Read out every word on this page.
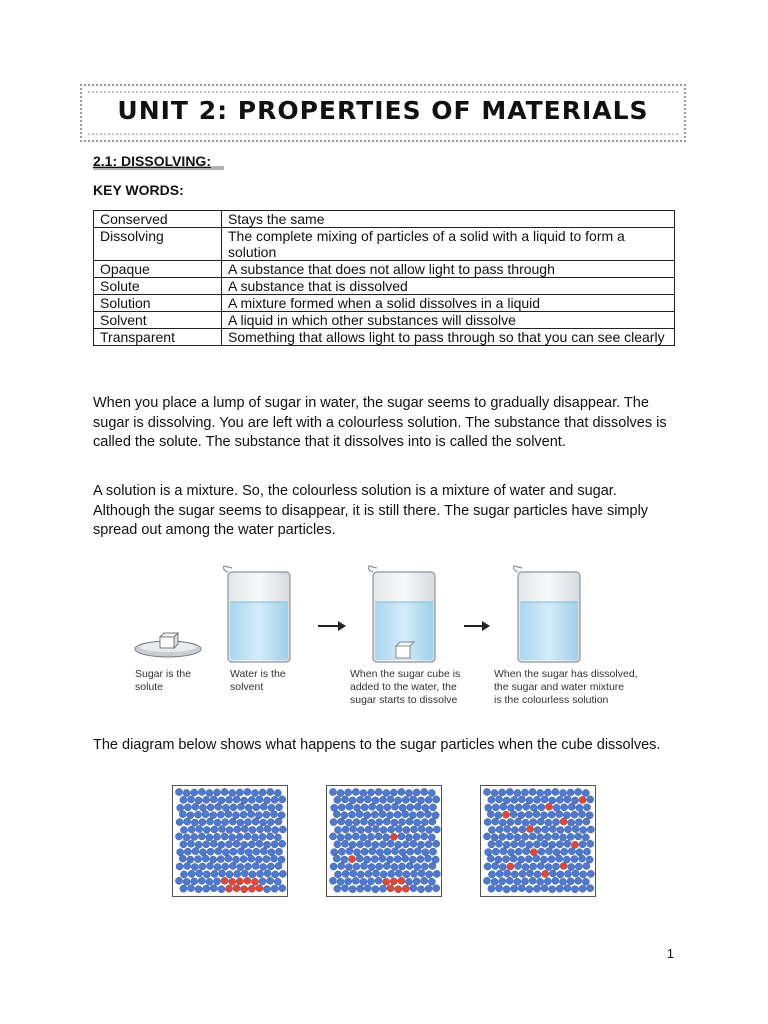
UNIT 2: PROPERTIES OF MATERIALS
2.1: DISSOLVING:
KEY WORDS:
Conserved	Stays the same
Dissolving	The complete mixing of particles of a solid with a liquid to form a solution
Opaque	A substance that does not allow light to pass through
Solute	A substance that is dissolved
Solution	A mixture formed when a solid dissolves in a liquid
Solvent	A liquid in which other substances will dissolve
Transparent	Something that allows light to pass through so that you can see clearly

When you place a lump of sugar in water, the sugar seems to gradually disappear. The sugar is dissolving. You are left with a colourless solution. The substance that dissolves is called the solute. The substance that it dissolves into is called the solvent.

A solution is a mixture. So, the colourless solution is a mixture of water and sugar. Although the sugar seems to disappear, it is still there. The sugar particles have simply spread out among the water particles.

Sugar is the solute
Water is the solvent
When the sugar cube is added to the water, the sugar starts to dissolve
When the sugar has dissolved, the sugar and water mixture is the colourless solution

The diagram below shows what happens to the sugar particles when the cube dissolves.

1
